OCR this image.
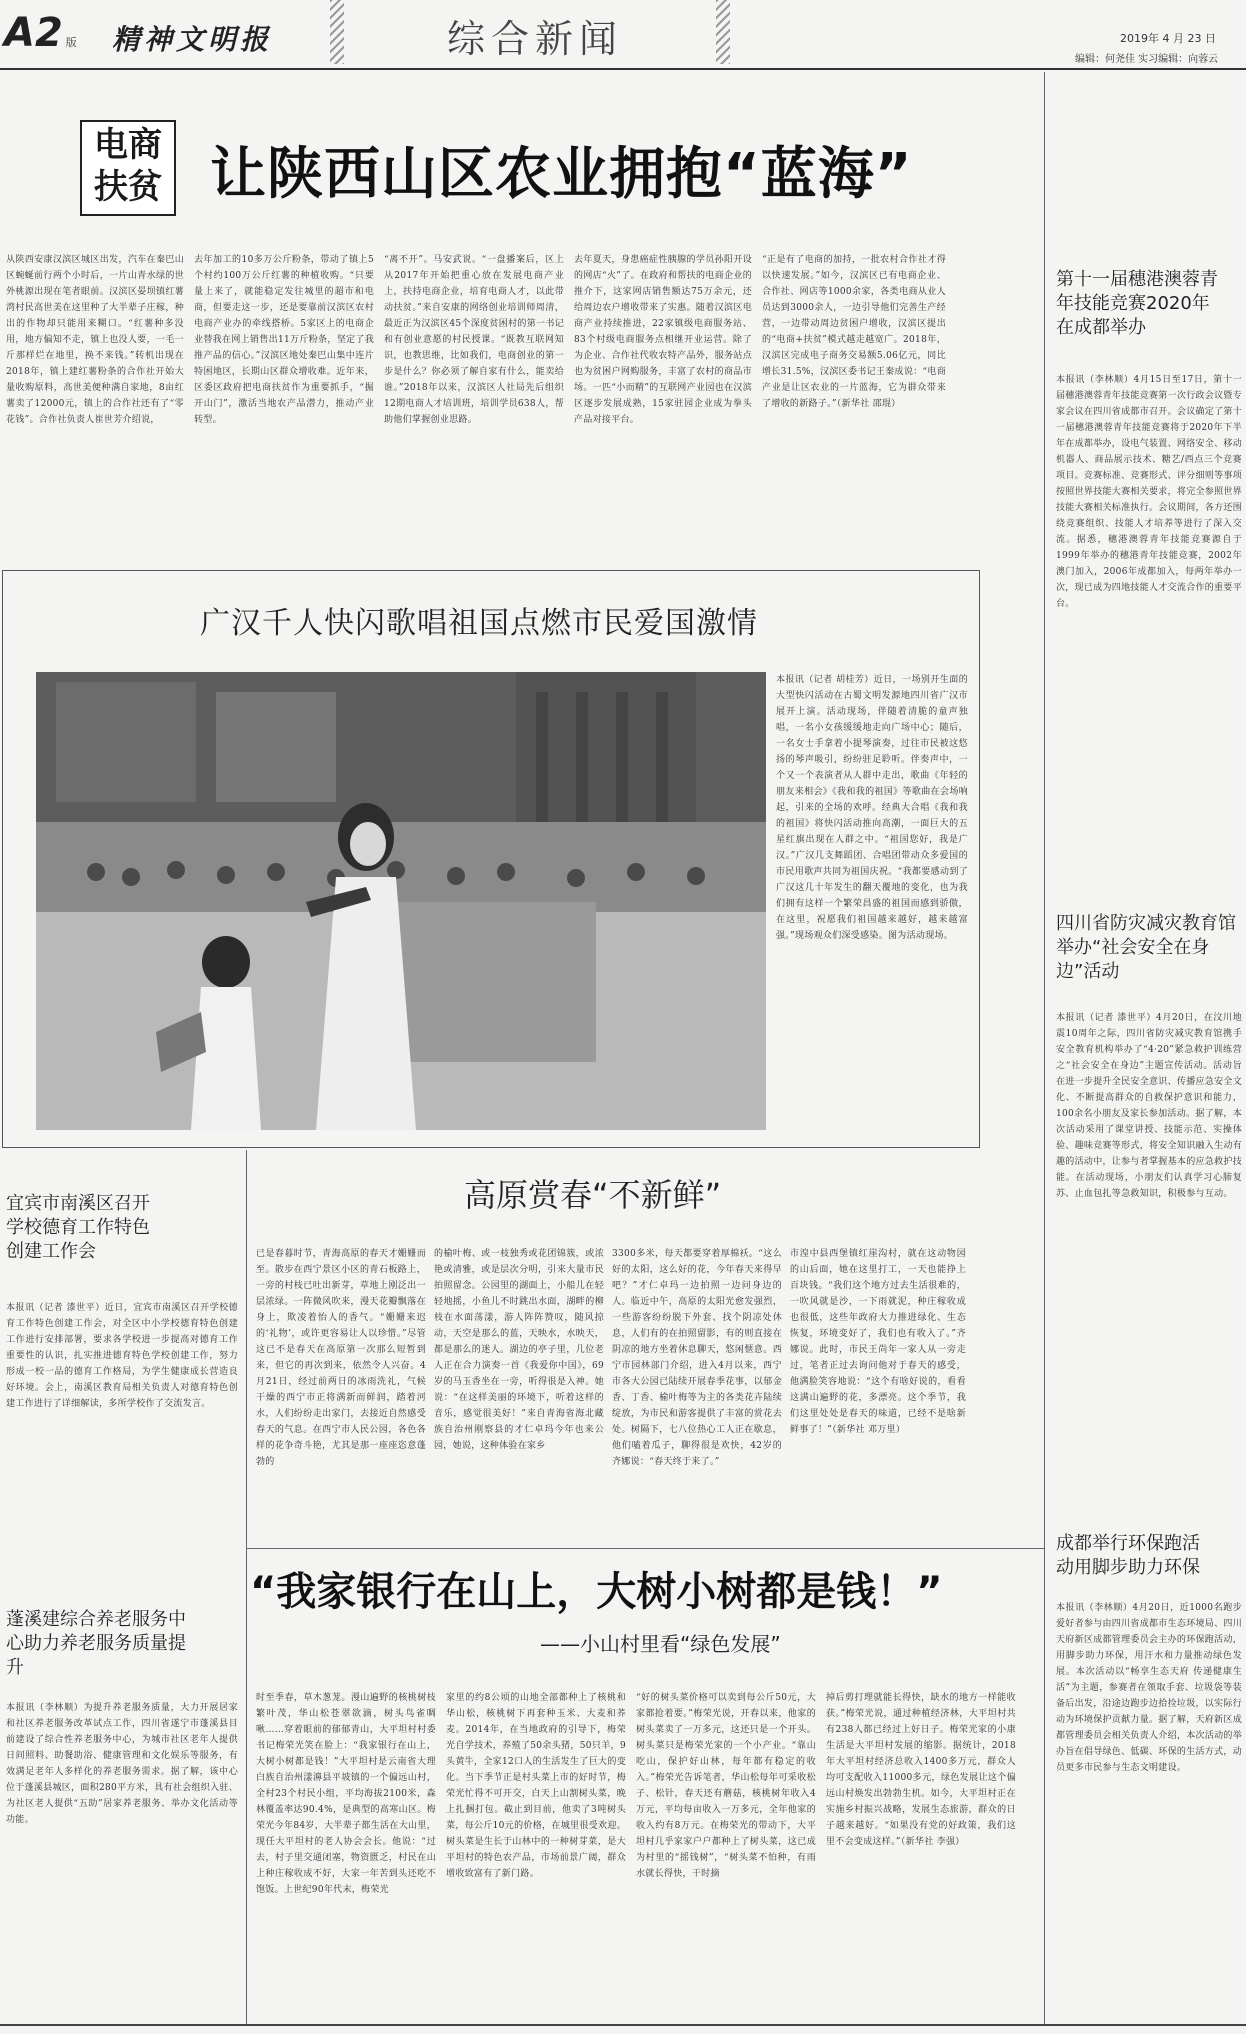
A2 版 精神文明报	综合新闻	2019年 4 月 23 日
编辑：何尧佳 实习编辑：向蓉云
电商
扶贫 让陕西山区农业拥抱“蓝海”
从陕西安康汉滨区城区出发，汽车在秦巴山区蜿蜒前行两个小时后，一片山青水绿的世外桃源出现在笔者眼前。汉滨区晏坝镇红薯湾村民高世美在这里种了大半辈子庄稼，种出的作物却只能用来糊口。“红薯种多没用，地方偏知不走，镇上也没人要，一毛一斤那样烂在地里，换不来钱。”转机出现在2018年，镇上建红薯粉条的合作社开始大量收购原料，高世美便种满自家地，8亩红薯卖了12000元，镇上的合作社还有了“零花钱”。合作社负责人崔世芳介绍说，
去年加工的10多万公斤粉条，带动了镇上5个村约100万公斤红薯的种植收购。“只要量上来了，就能稳定发往城里的超市和电商，但要走这一步，还是要靠前汉滨区农村电商产业办的牵线搭桥。5家区上的电商企业替我在网上销售出11万斤粉条，坚定了我推产品的信心。”汉滨区地处秦巴山集中连片特困地区，长期山区群众增收难。近年来，区委区政府把电商扶贫作为重要抓手，“掘开山门”，激活当地农产品潜力，推动产业转型。
“离不开”。马安武说。“一盘播案后，区上从2017年开始把重心放在发展电商产业上，扶持电商企业，培育电商人才，以此带动扶贫。”来自安康的网络创业培训师周清，最近正为汉滨区45个深度贫困村的第一书记和有创业意愿的村民授课。“既教互联网知识，也教思维，比如我们，电商创业的第一步是什么？你必须了解自家有什么，能卖给谁。”2018年以来，汉滨区人社局先后组织12期电商人才培训班，培训学员638人，帮助他们掌握创业思路。
去年夏天，身患癌症性胰腺的学员孙阳开设的网店“火”了。在政府和帮扶的电商企业的推介下，这家网店销售额达75万余元，还给周边农户增收带来了实惠。随着汉滨区电商产业持续推进，22家镇级电商服务站、83个村级电商服务点相继开业运营。除了为企业、合作社代收农特产品外，服务站点也为贫困户网购服务，丰富了农村的商品市场。一匹“小而精”的互联网产业园也在汉滨区逐步发展成熟，15家驻园企业成为拳头产品对接平台。
“正是有了电商的加持，一批农村合作社才得以快速发展。”如今，汉滨区已有电商企业、合作社、网店等1000余家，各类电商从业人员达到3000余人，一边引导他们完善生产经营，一边带动周边贫困户增收，汉滨区提出的“电商+扶贫”模式越走越宽广。2018年，汉滨区完成电子商务交易额5.06亿元，同比增长31.5%，汉滨区委书记王秦成说：“电商产业是让区农业的一片蓝海，它为群众带来了增收的新路子。”（新华社 邵琨）
广汉千人快闪歌唱祖国点燃市民爱国激情
本报讯（记者 胡桂芳）近日，一场别开生面的大型快闪活动在古蜀文明发源地四川省广汉市展开上演。活动现场，伴随着清脆的童声独唱，一名小女孩缓缓地走向广场中心；随后，一名女士手拿着小提琴演奏，过往市民被这悠扬的琴声吸引，纷纷驻足聆听。伴奏声中，一个又一个表演者从人群中走出，歌曲《年轻的朋友来相会》《我和我的祖国》等歌曲在会场响起，引来的全场的欢呼。经典大合唱《我和我的祖国》将快闪活动推向高潮，一面巨大的五星红旗出现在人群之中。“祖国您好，我是广汉。”广汉几支舞蹈团、合唱团带动众多爱国的市民用歌声共同为祖国庆祝。“我都要感动到了广汉这几十年发生的翻天覆地的变化，也为我们拥有这样一个繁荣昌盛的祖国而感到骄傲，在这里，祝愿我们祖国越来越好，越来越富强。”现场观众们深受感染。图为活动现场。
高原赏春“不新鲜”
已是春暮时节，青海高原的春天才姗姗而至。散步在西宁景区小区的青石板路上，一旁的村枝已吐出新芽，草地上刚泛出一层浓绿。一阵微风吹来，漫天花瓣飘落在身上，欺凌着怡人的香气。“姗姗来迟的‘礼物’，或许更容易让人以珍惜。”尽管这已不是春天在高原第一次那么短暂到来，但它的再次到来，依然令人兴奋。4月21日，经过前两日的冰雨洗礼，气候干燥的西宁市正将满新而鲜润，踏着河水，人们纷纷走出家门，去接近自然感受春天的气息。在西宁市人民公园，各色各样的花争奇斗艳，尤其是那一座座恣意蓬勃的
的榆叶梅、或一枝独秀或花团锦簇，或浓艳或清雅，或是层次分明，引来大量市民拍照留念。公园里的湖面上，小船儿在轻轻地摇，小鱼儿不时跳出水面，湖畔的柳枝在水面荡漾，游人阵阵赞叹，随风掠动，天空是那么的蓝，天映水，水映天，都是那么的迷人。湖边的亭子里，几位老人正在合力演奏一首《我爱你中国》，69岁的马玉香坐在一旁，听得很是入神。她说：“在这样美丽的环境下，听着这样的音乐，感觉很美好！”来自青海省海北藏族自治州刚察县的才仁卓玛今年也来公园，她说，这种体验在家乡
3300多米，每天都要穿着厚棉袄。“这么好的太阳，这么好的花，今年春天来得早吧？”才仁卓玛一边拍照一边问身边的人。临近中午，高原的太阳光愈发强烈，一些游客纷纷脱下外套、找个阴凉处休息，人们有的在拍照留影，有的则直接在阴凉的地方坐着休息聊天，悠闲惬意。西宁市园林部门介绍，进入4月以来，西宁市各大公园已陆续开展春季花事，以郁金香、丁香、榆叶梅等为主的各类花卉陆续绽放，为市民和游客提供了丰富的赏花去处。树隔下，七八位热心工人正在歇息，他们嗑着瓜子，聊得很是欢快，42岁的齐娜说：“春天终于来了。”
市湟中县西堡镇红崖沟村，就在这动物园的山后面，她在这里打工，一天也能挣上百块钱。“我们这个地方过去生活很难的，一吹风就是沙，一下雨就泥，种庄稼收成也很低，这些年政府大力推进绿化、生态恢复，环境变好了，我们也有收入了。”齐娜说。此时，市民王尚年一家人从一旁走过，笔者正过去询问他对于春天的感受，他满脸笑容地说：“这个有啥好说的，看看这满山遍野的花，多漂亮。这个季节，我们这里处处是春天的味道，已经不是啥新鲜事了！”（新华社 邓万里）
“我家银行在山上，大树小树都是钱！”
——小山村里看“绿色发展”
时至季春，草木葱茏。漫山遍野的核桃树枝繁叶茂，华山松苍翠欲滴，树头鸟雀啁啾……穿着眼前的郁郁青山，大平坦村村委书记梅荣光笑在脸上：“我家银行在山上，大树小树都是钱！”大平坦村是云南省大理白族自治州漾濞县平坡镇的一个偏远山村，全村23个村民小组，平均海拔2100米，森林覆盖率达90.4%，是典型的高寒山区。梅荣光今年84岁，大半辈子都生活在大山里，现任大平坦村的老人协会会长。他说：“过去，村子里交通闭塞，物资匮乏，村民在山上种庄稼收成不好，大家一年苦到头还吃不饱饭。上世纪90年代末，梅荣光
家里的约8公顷的山地全部都种上了核桃和华山松，核桃树下再套种玉米、大麦和荞麦。2014年，在当地政府的引导下，梅荣光自学技术，养殖了50余头猪，50只羊，9头黄牛，全家12口人的生活发生了巨大的变化。当下季节正是村头菜上市的好时节，梅荣光忙得不可开交，白天上山割树头菜，晚上扎捆打包。截止到目前，他卖了3吨树头菜，每公斤10元的价格，在城里很受欢迎。树头菜是生长于山林中的一种树芽菜，是大平坦村的特色农产品，市场前景广阔，群众增收致富有了新门路。
“好的树头菜价格可以卖到每公斤50元，大家都抢着要。”梅荣光说，开春以来，他家的树头菜卖了一万多元，这还只是一个开头。树头菜只是梅荣光家的一个小产业。“靠山吃山，保护好山林，每年都有稳定的收入。”梅荣光告诉笔者，华山松每年可采收松子、松针，春天还有蘑菇，核桃树年收入4万元，平均每亩收入一万多元，全年他家的收入约有8万元。在梅荣光的带动下，大平坦村几乎家家户户都种上了树头菜，这已成为村里的“摇钱树”，“树头菜不怕种，有雨水就长得快，干时摘
掉后剪打理就能长得快，缺水的地方一样能收获。”梅荣光说，通过种植经济林，大平坦村共有238人都已经过上好日子。梅荣光家的小康生活是大平坦村发展的缩影。据统计，2018年大平坦村经济总收入1400多万元，群众人均可支配收入11000多元，绿色发展让这个偏远山村焕发出勃勃生机。如今，大平坦村正在实施乡村振兴战略，发展生态旅游，群众的日子越来越好。“如果没有党的好政策，我们这里不会变成这样。”（新华社 李强）
第十一届穗港澳蓉青年技能竞赛2020年在成都举办
本报讯（李林顺）4月15日至17日，第十一届穗港澳蓉青年技能竞赛第一次行政会议暨专家会议在四川省成都市召开。会议确定了第十一届穗港澳蓉青年技能竞赛将于2020年下半年在成都举办，设电气装置、网络安全、移动机器人、商品展示技术、糖艺/西点三个竞赛项目。竞赛标准、竞赛形式、评分细则等事项按照世界技能大赛相关要求，将完全参照世界技能大赛相关标准执行。会议期间，各方还围绕竞赛组织、技能人才培养等进行了深入交流。据悉，穗港澳蓉青年技能竞赛源自于1999年举办的穗港青年技能竞赛，2002年澳门加入，2006年成都加入，每两年举办一次，现已成为四地技能人才交流合作的重要平台。
四川省防灾减灾教育馆举办“社会安全在身边”活动
本报讯（记者 漆世平）4月20日，在汶川地震10周年之际，四川省防灾减灾教育馆携手安全教育机构举办了“4·20”紧急救护训练营之“社会安全在身边”主题宣传活动。活动旨在进一步提升全民安全意识、传播应急安全文化、不断提高群众的自救保护意识和能力，100余名小朋友及家长参加活动。据了解，本次活动采用了课堂讲授、技能示范、实操体验、趣味竞赛等形式，将安全知识融入生动有趣的活动中，让参与者掌握基本的应急救护技能。在活动现场，小朋友们认真学习心肺复苏、止血包扎等急救知识，积极参与互动。
成都举行环保跑活动用脚步助力环保
本报讯（李林顺）4月20日，近1000名跑步爱好者参与由四川省成都市生态环境局、四川天府新区成都管理委员会主办的环保跑活动，用脚步助力环保，用汗水和力量推动绿色发展。本次活动以“畅享生态天府 传递健康生活”为主题，参赛者在领取手套、垃圾袋等装备后出发，沿途边跑步边拾捡垃圾，以实际行动为环境保护贡献力量。据了解，天府新区成都管理委员会相关负责人介绍，本次活动的举办旨在倡导绿色、低碳、环保的生活方式，动员更多市民参与生态文明建设。
宜宾市南溪区召开学校德育工作特色创建工作会
本报讯（记者 漆世平）近日，宜宾市南溪区召开学校德育工作特色创建工作会，对全区中小学校德育特色创建工作进行安排部署，要求各学校进一步提高对德育工作重要性的认识，扎实推进德育特色学校创建工作，努力形成一校一品的德育工作格局，为学生健康成长营造良好环境。会上，南溪区教育局相关负责人对德育特色创建工作进行了详细解读，多所学校作了交流发言。
蓬溪建综合养老服务中心助力养老服务质量提升
本报讯（李林顺）为提升养老服务质量，大力开展居家和社区养老服务改革试点工作，四川省遂宁市蓬溪县目前建设了综合性养老服务中心，为城市社区老年人提供日间照料、助餐助浴、健康管理和文化娱乐等服务，有效满足老年人多样化的养老服务需求。据了解，该中心位于蓬溪县城区，面积280平方米，具有社会组织入驻、为社区老人提供“五助”居家养老服务、举办文化活动等功能。
